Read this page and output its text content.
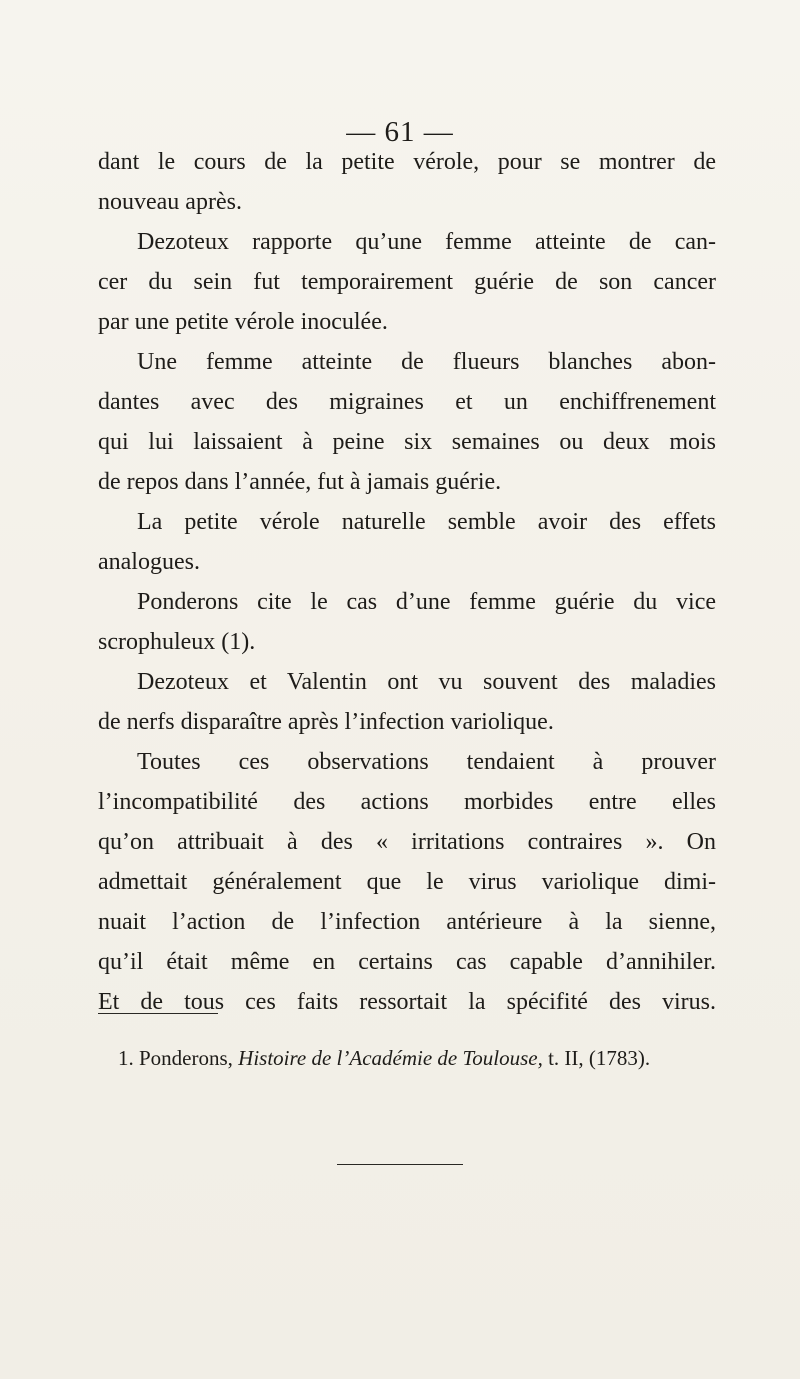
— 61 —
dant le cours de la petite vérole, pour se montrer de
nouveau après.
Dezoteux rapporte qu’une femme atteinte de can-
cer du sein fut temporairement guérie de son cancer
par une petite vérole inoculée.
Une femme atteinte de flueurs blanches abon-
dantes avec des migraines et un enchiffrenement
qui lui laissaient à peine six semaines ou deux mois
de repos dans l’année, fut à jamais guérie.
La petite vérole naturelle semble avoir des effets
analogues.
Ponderons cite le cas d’une femme guérie du vice
scrophuleux (1).
Dezoteux et Valentin ont vu souvent des maladies
de nerfs disparaître après l’infection variolique.
Toutes ces observations tendaient à prouver
l’incompatibilité des actions morbides entre elles
qu’on attribuait à des « irritations contraires ». On
admettait généralement que le virus variolique dimi-
nuait l’action de l’infection antérieure à la sienne,
qu’il était même en certains cas capable d’annihiler.
Et de tous ces faits ressortait la spécifité des virus.
1. Ponderons, Histoire de l’Académie de Toulouse, t. II, (1783).
